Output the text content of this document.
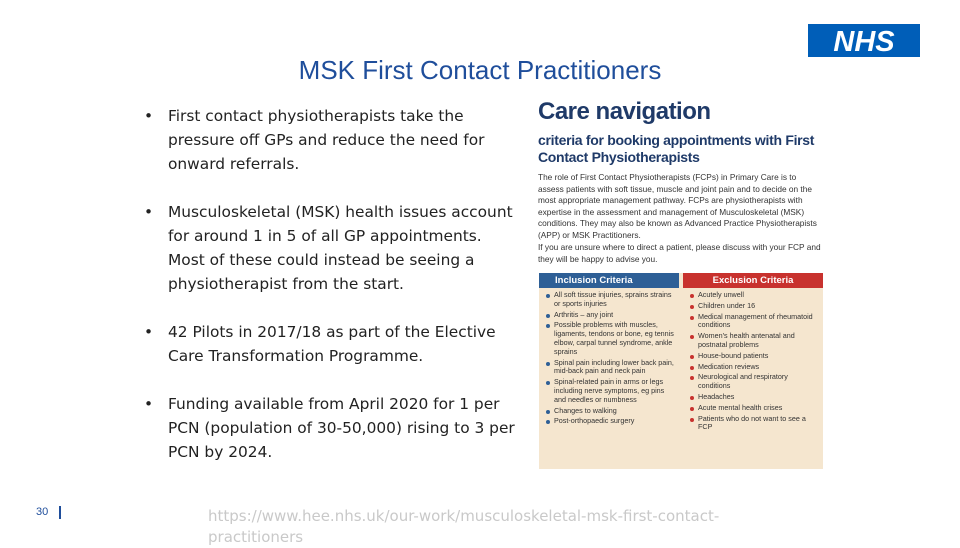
NHS
MSK First Contact Practitioners
• First contact physiotherapists take the pressure off GPs and reduce the need for onward referrals.
• Musculoskeletal (MSK) health issues account for around 1 in 5 of all GP appointments. Most of these could instead be seeing a physiotherapist from the start.
• 42 Pilots in 2017/18 as part of the Elective Care Transformation Programme.
• Funding available from April 2020 for 1 per PCN (population of 30-50,000) rising to 3 per PCN by 2024.
Care navigation
criteria for booking appointments with First Contact Physiotherapists
The role of First Contact Physiotherapists (FCPs) in Primary Care is to assess patients with soft tissue, muscle and joint pain and to decide on the most appropriate management pathway. FCPs are physiotherapists with expertise in the assessment and management of Musculoskeletal (MSK) conditions. They may also be known as Advanced Practice Physiotherapists (APP) or MSK Practitioners.
If you are unsure where to direct a patient, please discuss with your FCP and they will be happy to advise you.
Inclusion Criteria
All soft tissue injuries, sprains strains or sports injuries
Arthritis – any joint
Possible problems with muscles, ligaments, tendons or bone, eg tennis elbow, carpal tunnel syndrome, ankle sprains
Spinal pain including lower back pain, mid-back pain and neck pain
Spinal-related pain in arms or legs including nerve symptoms, eg pins and needles or numbness
Changes to walking
Post-orthopaedic surgery
Exclusion Criteria
Acutely unwell
Children under 16
Medical management of rheumatoid conditions
Women's health antenatal and postnatal problems
House-bound patients
Medication reviews
Neurological and respiratory conditions
Headaches
Acute mental health crises
Patients who do not want to see a FCP
30	https://www.hee.nhs.uk/our-work/musculoskeletal-msk-first-contact-practitioners
